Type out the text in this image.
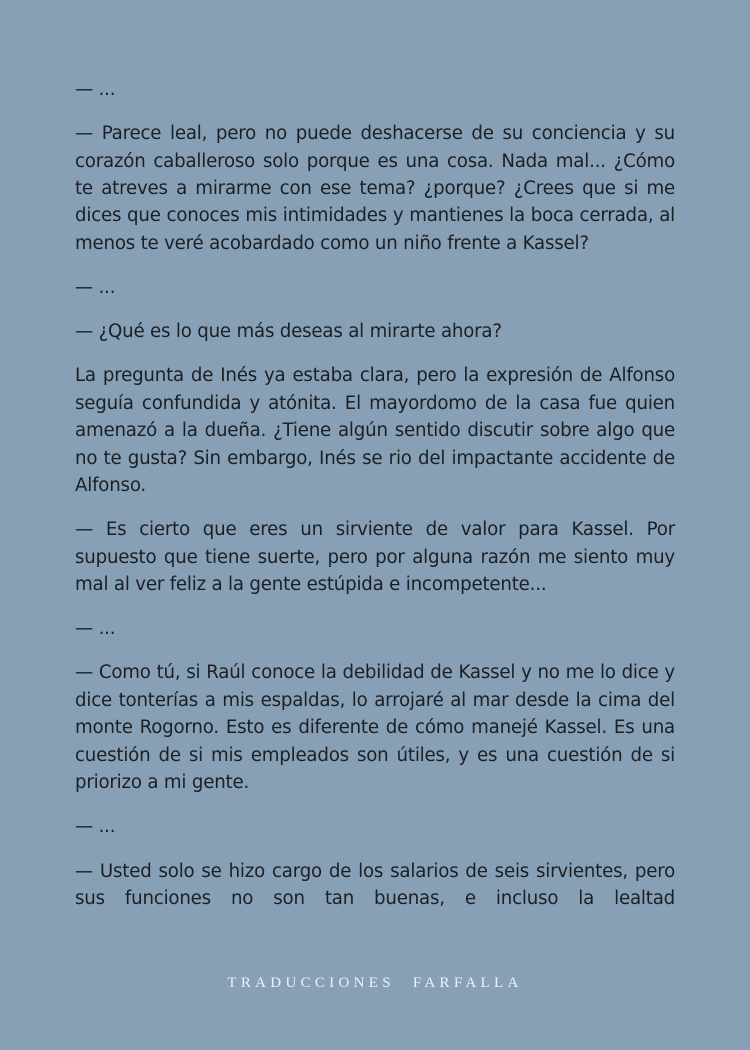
— ...

— Parece leal, pero no puede deshacerse de su conciencia y su corazón caballeroso solo porque es una cosa. Nada mal... ¿Cómo te atreves a mirarme con ese tema? ¿porque? ¿Crees que si me dices que conoces mis intimidades y mantienes la boca cerrada, al menos te veré acobardado como un niño frente a Kassel?

— ...

— ¿Qué es lo que más deseas al mirarte ahora?

La pregunta de Inés ya estaba clara, pero la expresión de Alfonso seguía confundida y atónita. El mayordomo de la casa fue quien amenazó a la dueña. ¿Tiene algún sentido discutir sobre algo que no te gusta? Sin embargo, Inés se rio del impactante accidente de Alfonso.

— Es cierto que eres un sirviente de valor para Kassel. Por supuesto que tiene suerte, pero por alguna razón me siento muy mal al ver feliz a la gente estúpida e incompetente...

— ...

— Como tú, si Raúl conoce la debilidad de Kassel y no me lo dice y dice tonterías a mis espaldas, lo arrojaré al mar desde la cima del monte Rogorno. Esto es diferente de cómo manejé Kassel. Es una cuestión de si mis empleados son útiles, y es una cuestión de si priorizo a mi gente.

— ...

— Usted solo se hizo cargo de los salarios de seis sirvientes, pero sus funciones no son tan buenas, e incluso la lealtad

TRADUCCIONES FARFALLA
